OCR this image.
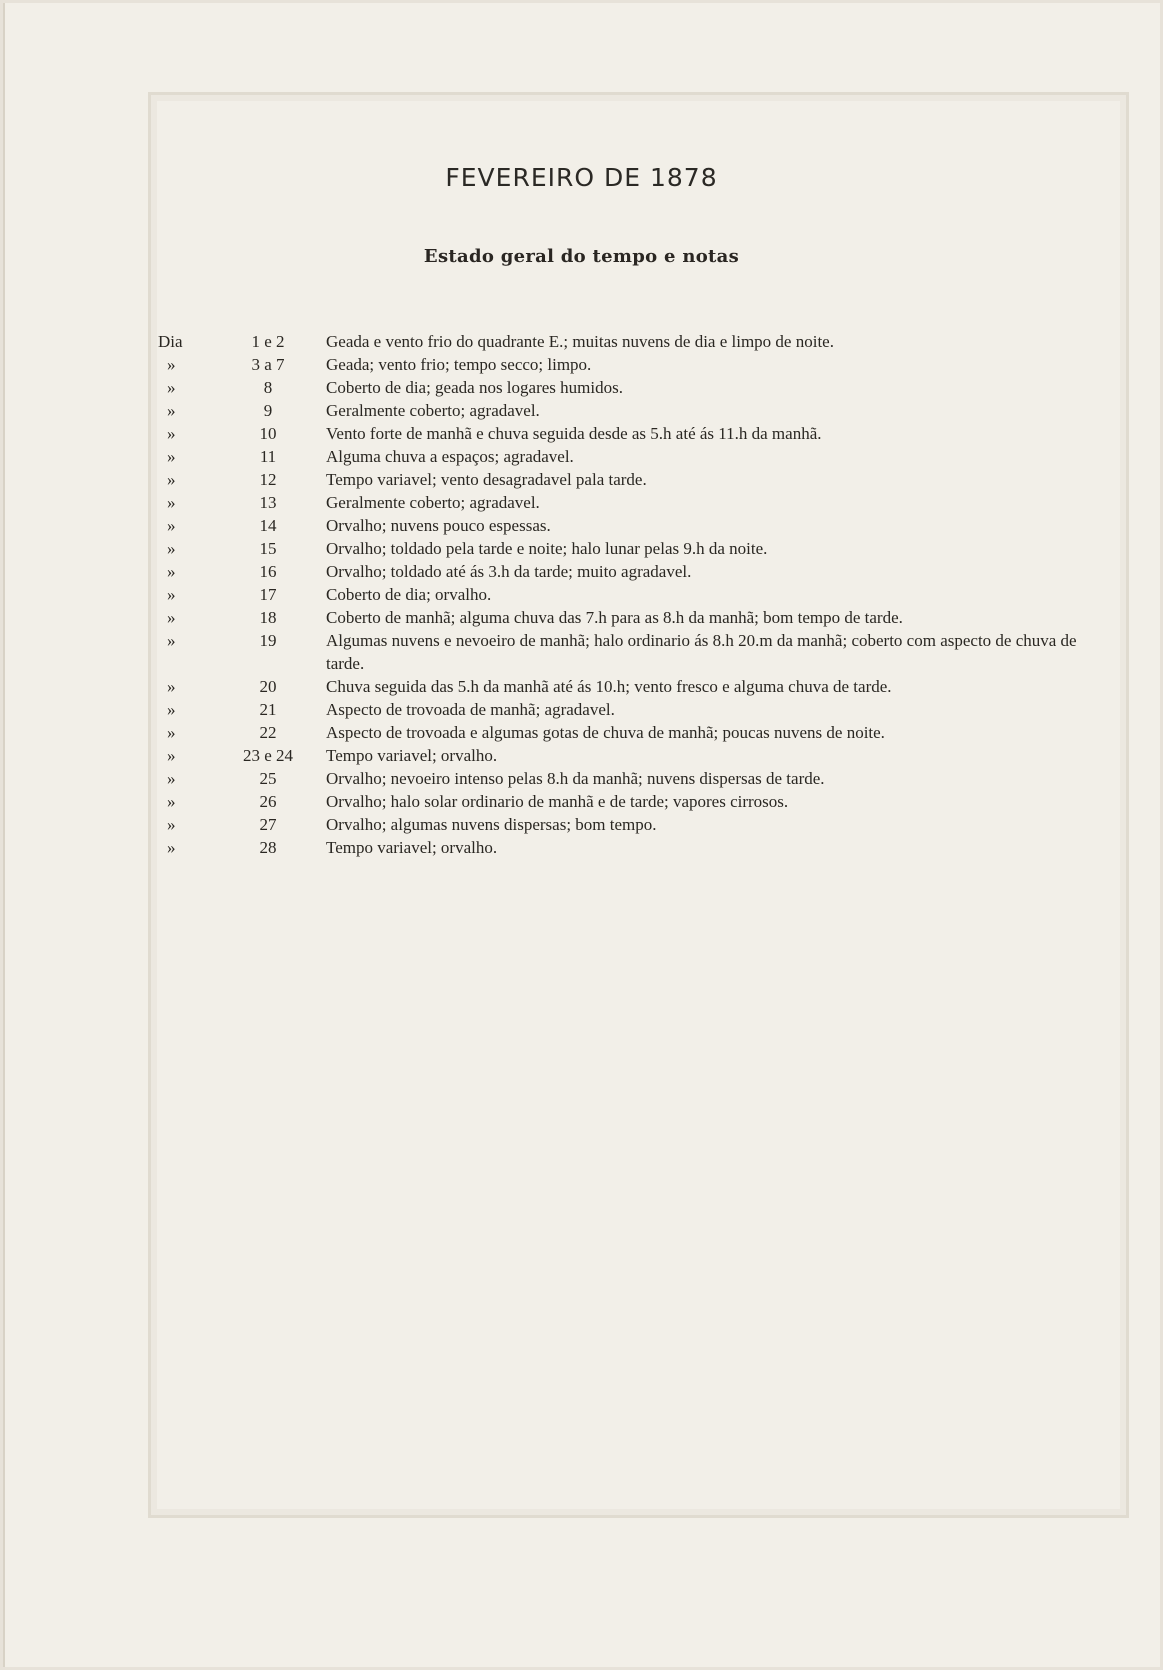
FEVEREIRO DE 1878
Estado geral do tempo e notas
Dia	1 e 2	Geada e vento frio do quadrante E.; muitas nuvens de dia e limpo de noite.
»	3 a 7	Geada; vento frio; tempo secco; limpo.
»	8	Coberto de dia; geada nos logares humidos.
»	9	Geralmente coberto; agradavel.
»	10	Vento forte de manhã e chuva seguida desde as 5.h até ás 11.h da manhã.
»	11	Alguma chuva a espaços; agradavel.
»	12	Tempo variavel; vento desagradavel pala tarde.
»	13	Geralmente coberto; agradavel.
»	14	Orvalho; nuvens pouco espessas.
»	15	Orvalho; toldado pela tarde e noite; halo lunar pelas 9.h da noite.
»	16	Orvalho; toldado até ás 3.h da tarde; muito agradavel.
»	17	Coberto de dia; orvalho.
»	18	Coberto de manhã; alguma chuva das 7.h para as 8.h da manhã; bom tempo de tarde.
»	19	Algumas nuvens e nevoeiro de manhã; halo ordinario ás 8.h 20.m da manhã; coberto com aspecto de chuva de tarde.
»	20	Chuva seguida das 5.h da manhã até ás 10.h; vento fresco e alguma chuva de tarde.
»	21	Aspecto de trovoada de manhã; agradavel.
»	22	Aspecto de trovoada e algumas gotas de chuva de manhã; poucas nuvens de noite.
»	23 e 24	Tempo variavel; orvalho.
»	25	Orvalho; nevoeiro intenso pelas 8.h da manhã; nuvens dispersas de tarde.
»	26	Orvalho; halo solar ordinario de manhã e de tarde; vapores cirrosos.
»	27	Orvalho; algumas nuvens dispersas; bom tempo.
»	28	Tempo variavel; orvalho.
